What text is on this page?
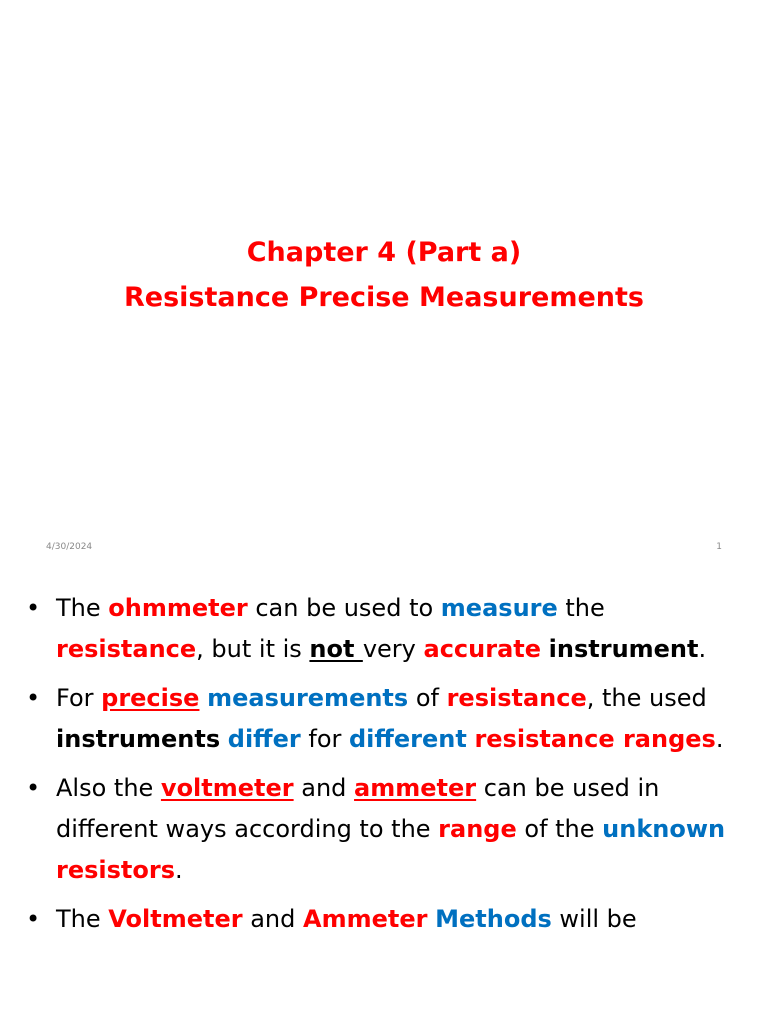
Chapter 4 (Part a)
Resistance Precise Measurements
4/30/2024	1
• The ohmmeter can be used to measure the resistance, but it is not very accurate instrument.
• For precise measurements of resistance, the used instruments differ for different resistance ranges.
• Also the voltmeter and ammeter can be used in different ways according to the range of the unknown resistors.
• The Voltmeter and Ammeter Methods will be
